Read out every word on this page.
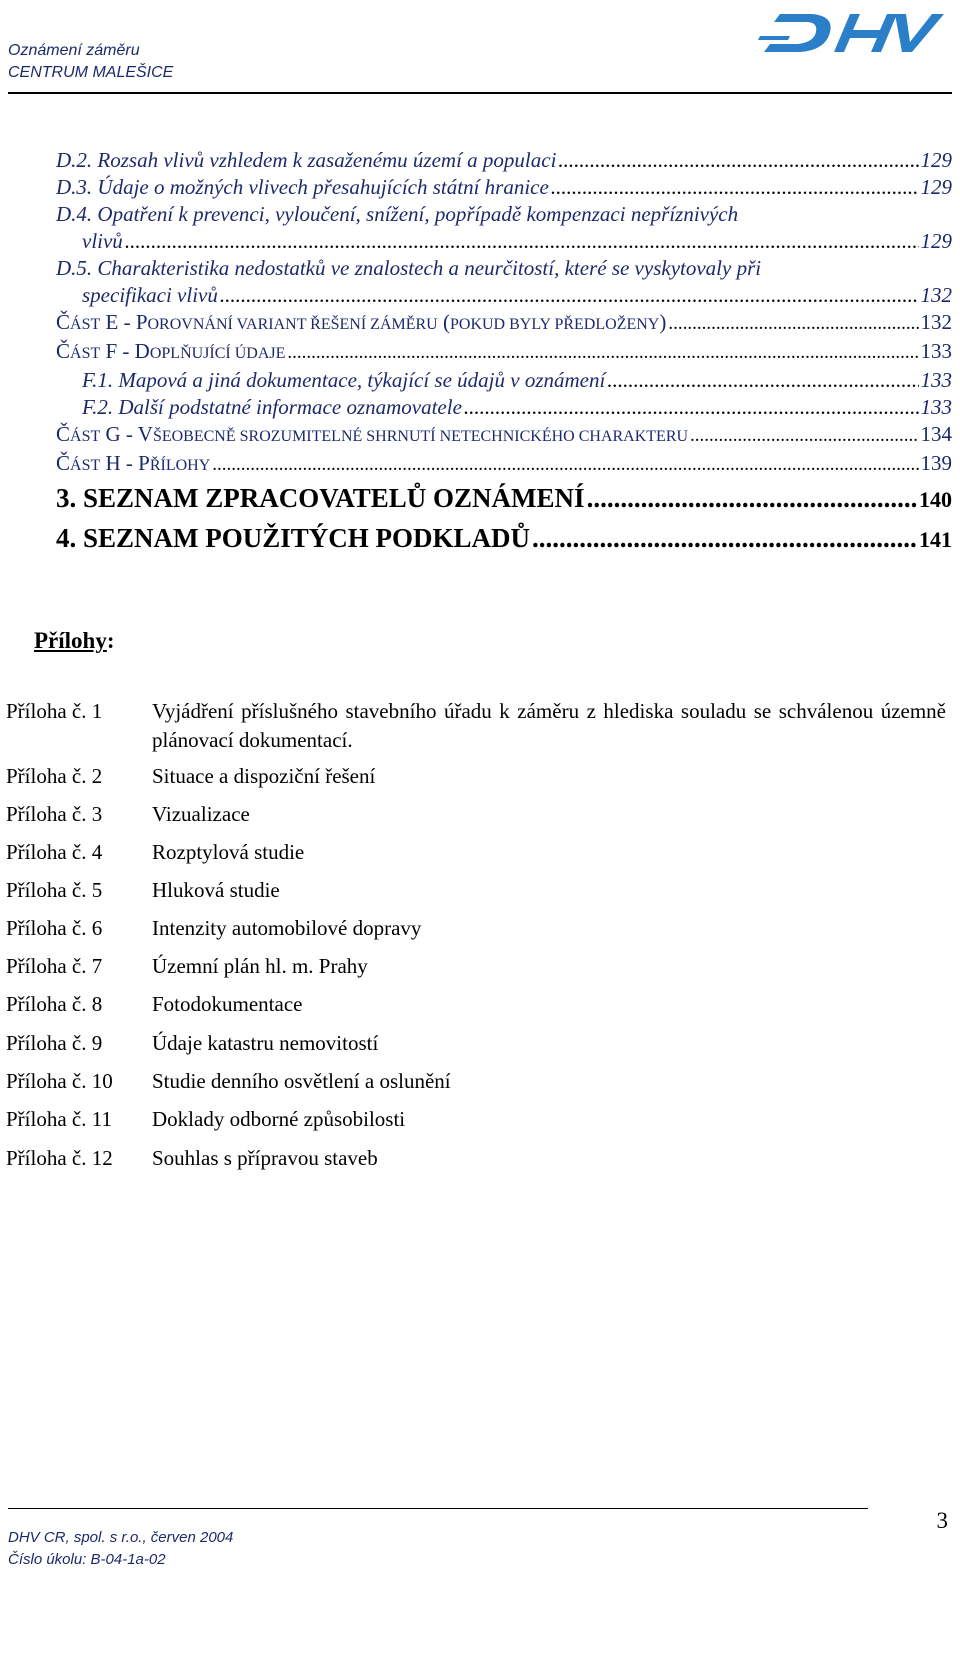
Oznámení záměru
CENTRUM MALEŠICE
D.2. Rozsah vlivů vzhledem k zasaženému území a populaci .....	129
D.3. Údaje o možných vlivech přesahujících státní hranice .....	129
D.4. Opatření k prevenci, vyloučení, snížení, popřípadě kompenzaci nepříznivých
vlivů .....	129
D.5. Charakteristika nedostatků ve znalostech a neurčitostí, které se vyskytovaly při
specifikaci vlivů .....	132
ČÁST E - POROVNÁNÍ VARIANT ŘEŠENÍ ZÁMĚRU (POKUD BYLY PŘEDLOŽENY) .....	132
ČÁST F - DOPLŇUJÍCÍ ÚDAJE .....	133
F.1. Mapová a jiná dokumentace, týkající se údajů v oznámení .....	133
F.2. Další podstatné informace oznamovatele .....	133
ČÁST G - VŠEOBECNĚ SROZUMITELNÉ SHRNUTÍ NETECHNICKÉHO CHARAKTERU .....	134
ČÁST H - PŘÍLOHY .....	139
3. SEZNAM ZPRACOVATELŮ OZNÁMENÍ .....	140
4. SEZNAM POUŽITÝCH PODKLADŮ .....	141
Přílohy:
Příloha č. 1 Vyjádření příslušného stavebního úřadu k záměru z hlediska souladu se schválenou územně plánovací dokumentací.
Příloha č. 2 Situace a dispoziční řešení
Příloha č. 3 Vizualizace
Příloha č. 4 Rozptylová studie
Příloha č. 5 Hluková studie
Příloha č. 6 Intenzity automobilové dopravy
Příloha č. 7 Územní plán hl. m. Prahy
Příloha č. 8 Fotodokumentace
Příloha č. 9 Údaje katastru nemovitostí
Příloha č. 10 Studie denního osvětlení a oslunění
Příloha č. 11 Doklady odborné způsobilosti
Příloha č. 12 Souhlas s přípravou staveb
DHV CR, spol. s r.o., červen 2004
Číslo úkolu: B-04-1a-02
3
